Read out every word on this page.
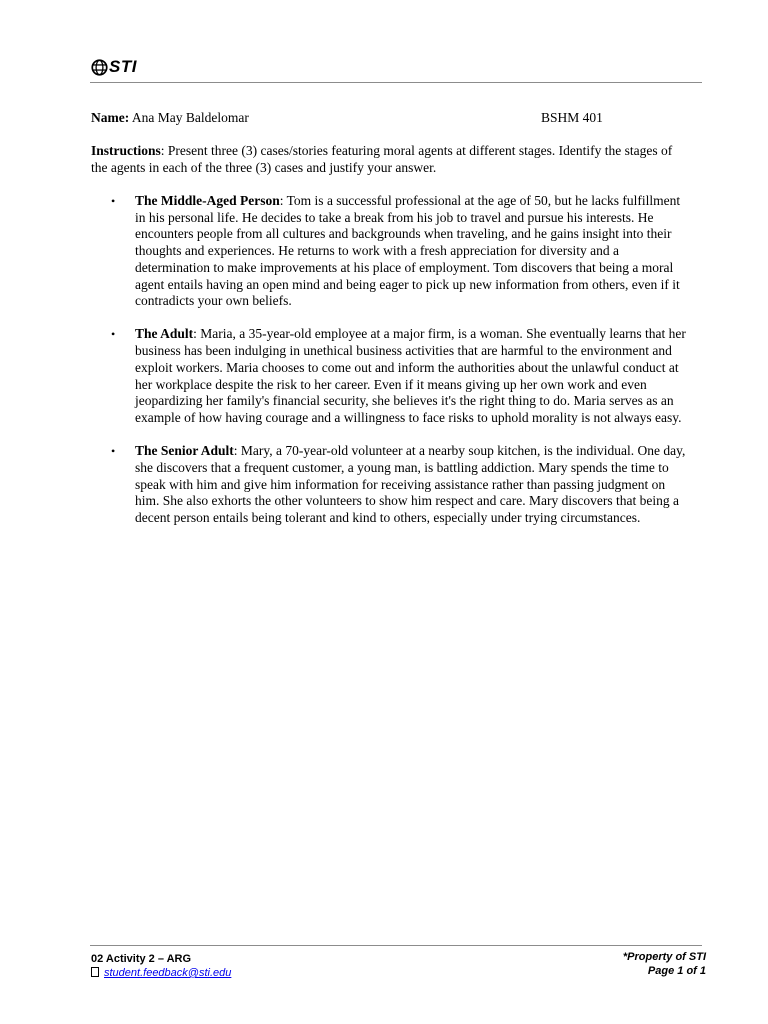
STI
Name: Ana May Baldelomar	BSHM 401
Instructions: Present three (3) cases/stories featuring moral agents at different stages. Identify the stages of the agents in each of the three (3) cases and justify your answer.
• The Middle-Aged Person: Tom is a successful professional at the age of 50, but he lacks fulfillment in his personal life. He decides to take a break from his job to travel and pursue his interests. He encounters people from all cultures and backgrounds when traveling, and he gains insight into their thoughts and experiences. He returns to work with a fresh appreciation for diversity and a determination to make improvements at his place of employment. Tom discovers that being a moral agent entails having an open mind and being eager to pick up new information from others, even if it contradicts your own beliefs.
• The Adult: Maria, a 35-year-old employee at a major firm, is a woman. She eventually learns that her business has been indulging in unethical business activities that are harmful to the environment and exploit workers. Maria chooses to come out and inform the authorities about the unlawful conduct at her workplace despite the risk to her career. Even if it means giving up her own work and even jeopardizing her family's financial security, she believes it's the right thing to do. Maria serves as an example of how having courage and a willingness to face risks to uphold morality is not always easy.
• The Senior Adult: Mary, a 70-year-old volunteer at a nearby soup kitchen, is the individual. One day, she discovers that a frequent customer, a young man, is battling addiction. Mary spends the time to speak with him and give him information for receiving assistance rather than passing judgment on him. She also exhorts the other volunteers to show him respect and care. Mary discovers that being a decent person entails being tolerant and kind to others, especially under trying circumstances.
02 Activity 2 – ARG
student.feedback@sti.edu
*Property of STI
Page 1 of 1
